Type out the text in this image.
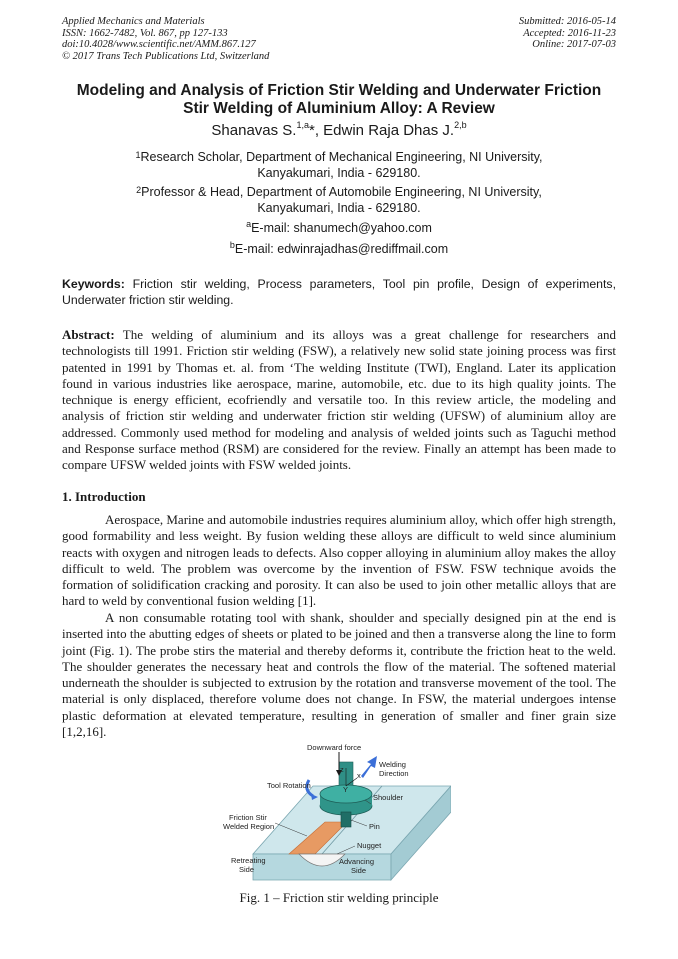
Applied Mechanics and Materials
ISSN: 1662-7482, Vol. 867, pp 127-133
doi:10.4028/www.scientific.net/AMM.867.127
© 2017 Trans Tech Publications Ltd, Switzerland
Submitted: 2016-05-14
Accepted: 2016-11-23
Online: 2017-07-03
Modeling and Analysis of Friction Stir Welding and Underwater Friction
Stir Welding of Aluminium Alloy: A Review
Shanavas S.$^{1,a}$*, Edwin Raja Dhas J.$^{2,b}$
$^1$Research Scholar, Department of Mechanical Engineering, NI University,
Kanyakumari, India - 629180.
$^2$Professor & Head, Department of Automobile Engineering, NI University,
Kanyakumari, India - 629180.
$^a$E-mail: shanumech@yahoo.com
$^b$E-mail: edwinrajadhas@rediffmail.com
Keywords: Friction stir welding, Process parameters, Tool pin profile, Design of experiments, Underwater friction stir welding.
Abstract: The welding of aluminium and its alloys was a great challenge for researchers and technologists till 1991. Friction stir welding (FSW), a relatively new solid state joining process was first patented in 1991 by Thomas et. al. from ‘The welding Institute (TWI), England. Later its application found in various industries like aerospace, marine, automobile, etc. due to its high quality joints. The technique is energy efficient, ecofriendly and versatile too. In this review article, the modeling and analysis of friction stir welding and underwater friction stir welding (UFSW) of aluminium alloy are addressed. Commonly used method for modeling and analysis of welded joints such as Taguchi method and Response surface method (RSM) are considered for the review. Finally an attempt has been made to compare UFSW welded joints with FSW welded joints.
1. Introduction
Aerospace, Marine and automobile industries requires aluminium alloy, which offer high strength, good formability and less weight. By fusion welding these alloys are difficult to weld since aluminium reacts with oxygen and nitrogen leads to defects. Also copper alloying in aluminium alloy makes the alloy difficult to weld. The problem was overcome by the invention of FSW. FSW technique avoids the formation of solidification cracking and porosity. It can also be used to join other metallic alloys that are hard to weld by conventional fusion welding [1].
A non consumable rotating tool with shank, shoulder and specially designed pin at the end is inserted into the abutting edges of sheets or plated to be joined and then a transverse along the line to form joint (Fig. 1). The probe stirs the material and thereby deforms it, contribute the friction heat to the weld. The shoulder generates the necessary heat and controls the flow of the material. The softened material underneath the shoulder is subjected to extrusion by the rotation and transverse movement of the tool. The material is only displaced, therefore volume does not change. In FSW, the material undergoes intense plastic deformation at elevated temperature, resulting in generation of smaller and finer grain size [1,2,16].
Downward force
Welding
Direction
Tool Rotation
Shoulder
Friction Stir
Welded Region	Pin
Nugget
Retreating
Side
Advancing
Side
z
x
Y
Fig. 1 – Friction stir welding principle
